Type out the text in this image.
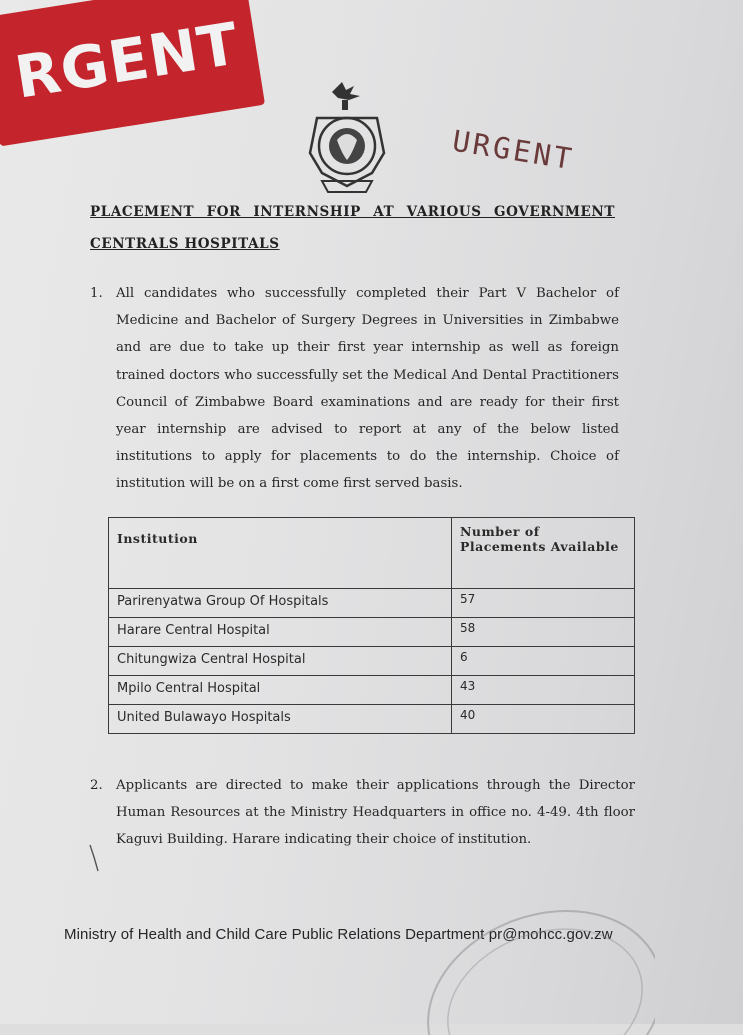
RGENT
URGENT
PLACEMENT FOR INTERNSHIP AT VARIOUS GOVERNMENT
CENTRALS HOSPITALS
1. All candidates who successfully completed their Part V Bachelor of Medicine and Bachelor of Surgery Degrees in Universities in Zimbabwe and are due to take up their first year internship as well as foreign trained doctors who successfully set the Medical And Dental Practitioners Council of Zimbabwe Board examinations and are ready for their first year internship are advised to report at any of the below listed institutions to apply for placements to do the internship. Choice of institution will be on a first come first served basis.
Institution	Number of Placements Available
Parirenyatwa Group Of Hospitals	57
Harare Central Hospital	58
Chitungwiza Central Hospital	6
Mpilo Central Hospital	43
United Bulawayo Hospitals	40
2. Applicants are directed to make their applications through the Director Human Resources at the Ministry Headquarters in office no. 4-49. 4th floor Kaguvi Building. Harare indicating their choice of institution.
Ministry of Health and Child Care Public Relations Department pr@mohcc.gov.zw
